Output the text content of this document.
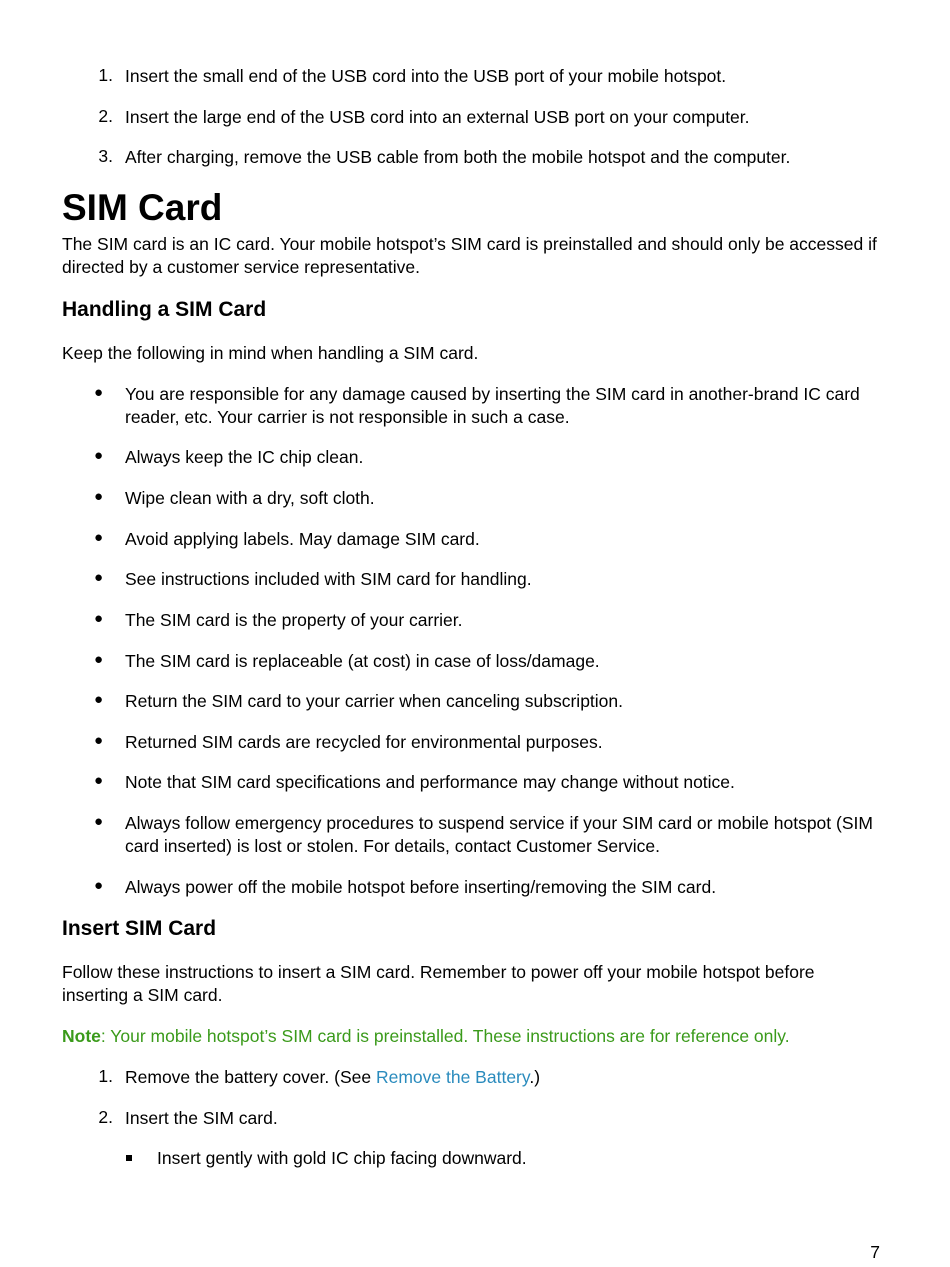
1. Insert the small end of the USB cord into the USB port of your mobile hotspot.
2. Insert the large end of the USB cord into an external USB port on your computer.
3. After charging, remove the USB cable from both the mobile hotspot and the computer.
SIM Card
The SIM card is an IC card. Your mobile hotspot’s SIM card is preinstalled and should only be accessed if directed by a customer service representative.
Handling a SIM Card
Keep the following in mind when handling a SIM card.
● You are responsible for any damage caused by inserting the SIM card in another-brand IC card reader, etc. Your carrier is not responsible in such a case.
● Always keep the IC chip clean.
● Wipe clean with a dry, soft cloth.
● Avoid applying labels. May damage SIM card.
● See instructions included with SIM card for handling.
● The SIM card is the property of your carrier.
● The SIM card is replaceable (at cost) in case of loss/damage.
● Return the SIM card to your carrier when canceling subscription.
● Returned SIM cards are recycled for environmental purposes.
● Note that SIM card specifications and performance may change without notice.
● Always follow emergency procedures to suspend service if your SIM card or mobile hotspot (SIM card inserted) is lost or stolen. For details, contact Customer Service.
● Always power off the mobile hotspot before inserting/removing the SIM card.
Insert SIM Card
Follow these instructions to insert a SIM card. Remember to power off your mobile hotspot before inserting a SIM card.
Note: Your mobile hotspot’s SIM card is preinstalled. These instructions are for reference only.
1. Remove the battery cover. (See Remove the Battery.)
2. Insert the SIM card.
Insert gently with gold IC chip facing downward.
7
